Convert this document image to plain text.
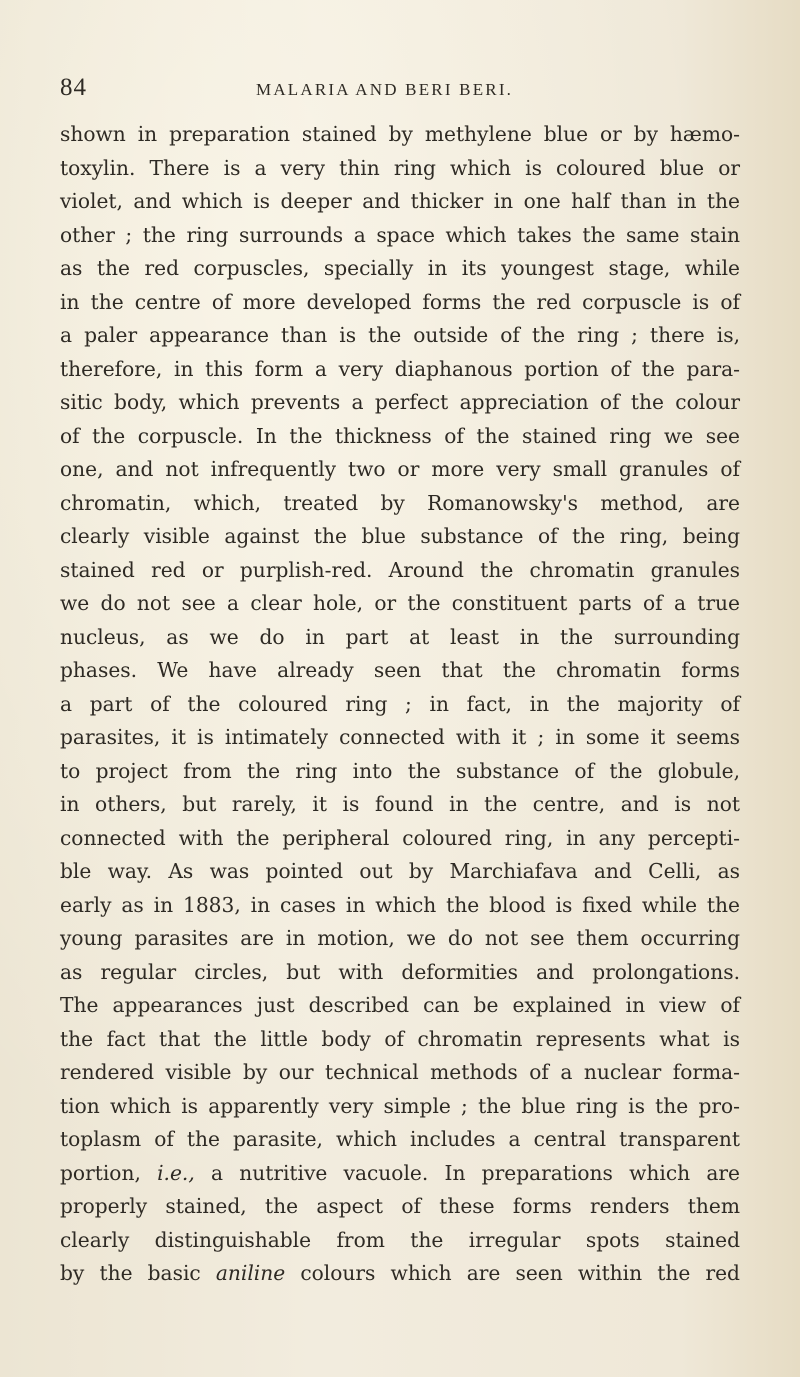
84	MALARIA AND BERI BERI.
shown in preparation stained by methylene blue or by hæmo-
toxylin. There is a very thin ring which is coloured blue or
violet, and which is deeper and thicker in one half than in the
other ; the ring surrounds a space which takes the same stain
as the red corpuscles, specially in its youngest stage, while
in the centre of more developed forms the red corpuscle is of
a paler appearance than is the outside of the ring ; there is,
therefore, in this form a very diaphanous portion of the para-
sitic body, which prevents a perfect appreciation of the colour
of the corpuscle. In the thickness of the stained ring we see
one, and not infrequently two or more very small granules of
chromatin, which, treated by Romanowsky's method, are
clearly visible against the blue substance of the ring, being
stained red or purplish-red. Around the chromatin granules
we do not see a clear hole, or the constituent parts of a true
nucleus, as we do in part at least in the surrounding
phases. We have already seen that the chromatin forms
a part of the coloured ring ; in fact, in the majority of
parasites, it is intimately connected with it ; in some it seems
to project from the ring into the substance of the globule,
in others, but rarely, it is found in the centre, and is not
connected with the peripheral coloured ring, in any percepti-
ble way. As was pointed out by Marchiafava and Celli, as
early as in 1883, in cases in which the blood is fixed while the
young parasites are in motion, we do not see them occurring
as regular circles, but with deformities and prolongations.
The appearances just described can be explained in view of
the fact that the little body of chromatin represents what is
rendered visible by our technical methods of a nuclear forma-
tion which is apparently very simple ; the blue ring is the pro-
toplasm of the parasite, which includes a central transparent
portion, i.e., a nutritive vacuole. In preparations which are
properly stained, the aspect of these forms renders them
clearly distinguishable from the irregular spots stained
by the basic aniline colours which are seen within the red
